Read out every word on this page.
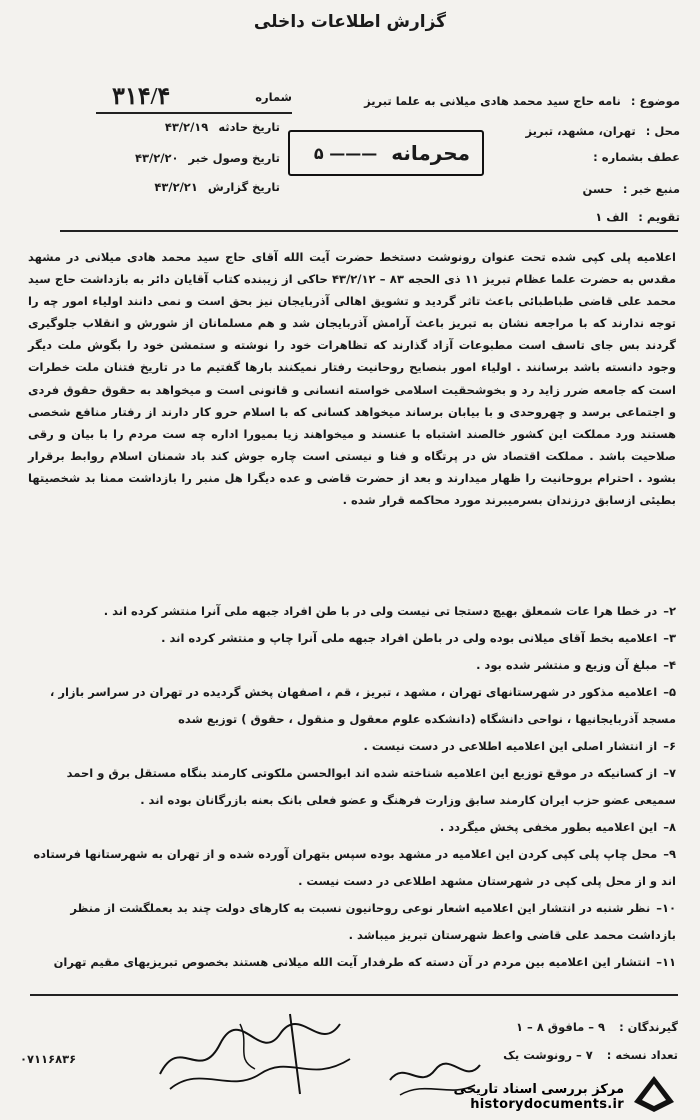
گزارش اطلاعات داخلی
موضوع : نامه حاج سید محمد هادی میلانی به علما تبریز
محل : تهران، مشهد، تبریز
عطف بشماره :
منبع خبر : حسن
تقویم : الف ۱
شماره
۳۱۴/۴
تاریخ حادثه ۴۳/۲/۱۹
تاریخ وصول خبر ۴۳/۲/۲۰
تاریخ گزارش ۴۳/۲/۲۱
محرمانه
——— ۵

اعلامیه پلی کپی شده تحت عنوان رونوشت دستخط حضرت آیت الله آقای حاج سید محمد هادی میلانی در مشهد مقدس به حضرت علما عظام تبریز ۱۱ ذی الحجه ۸۳ – ۴۳/۲/۱۲ حاکی از زیبنده کتاب آقایان دائر به بازداشت حاج سید محمد علی قاضی طباطبائی باعث تاثر گردید و تشویق اهالی آذربایجان نیز بحق است و نمی دانند اولیاء امور چه را توجه ندارند که با مراجعه نشان به تبریز باعث آرامش آذربایجان شد و هم مسلمانان از شورش و انقلاب جلوگیری گردند بس جای تاسف است مطبوعات آزاد گذارند که تظاهرات خود را نوشته و ستمشن خود را بگوش ملت دیگر وجود دانسته باشد برسانند . اولیاء امور بنصایح روحانیت رفتار نمیکنند بارها گفتیم ما در تاریخ فتنان ملت خطرات است که جامعه ضرر زاید رد و بخوشحقیت اسلامی خواسته انسانی و قانونی است و میخواهد به حقوق حقوق فردی و اجتماعی برسد و چهروحدی و با بیابان برساند میخواهد کسانی که با اسلام حرو کار دارند از رفتار منافع شخصی هستند ورد مملکت این کشور خالصند اشتباه با عنسند و میخواهند زیا بمیورا اداره چه ست مردم را با بیان و رقی صلاحیت باشد . مملکت اقتصاد ش در پرتگاه و فنا و نیستی است چاره جوش کند باد شمنان اسلام روابط برقرار بشود . احترام بروحانیت را ظهار میدارند و بعد از حضرت قاضی و عده دیگرا هل منبر را بازداشت ممنا بد شخصیتها بطیئی ازسابق درزندان بسرمیبرند مورد محاکمه قرار شده .

۲–در خطا هرا عات شمعلق بهیچ دستجا تی نیست ولی در با طن افراد جبهه ملی آنرا منتشر کرده اند .
۳–اعلامیه بخط آقای میلانی بوده ولی در باطن افراد جبهه ملی آنرا چاپ و منتشر کرده اند .
۴–مبلغ آن وزیع و منتشر شده بود .
۵–اعلامیه مذکور در شهرستانهای تهران ، مشهد ، تبریز ، قم ، اصفهان پخش گردیده در تهران در سراسر بازار ، مسجد آذربایجانیها ، نواحی دانشگاه (دانشکده علوم معقول و منقول ، حقوق ) توزیع شده
۶–از انتشار اصلی این اعلامیه اطلاعی در دست نیست .
۷–از کسانیکه در موقع توزیع این اعلامیه شناخته شده اند ابوالحسن ملکوتی کارمند بنگاه مستقل برق و احمد سمیعی عضو حزب ایران کارمند سابق وزارت فرهنگ و عضو فعلی بانک بعنه بازرگانان بوده اند .
۸–این اعلامیه بطور مخفی پخش میگردد .
۹–محل چاپ پلی کپی کردن این اعلامیه در مشهد بوده سپس بتهران آورده شده و از تهران به شهرستانها فرستاده اند و از محل پلی کپی در شهرستان مشهد اطلاعی در دست نیست .
۱۰–نظر شنبه در انتشار این اعلامیه اشعار نوعی روحانیون نسبت به کارهای دولت چند بد بعملگشت از منظر بازداشت محمد علی قاضی واعظ شهرستان تبریز میباشد .
۱۱–انتشار این اعلامیه بین مردم در آن دسته که طرفدار آیت الله میلانی هستند بخصوص تبریزیهای مقیم تهران
گیرندگان : ۹ – مافوق ۸ – ۱
تعداد نسخه : ۷ – رونوشت یک
۰۷۱۱۶۸۳۶
مرکز بررسی اسناد تاریخی
historydocuments.ir
